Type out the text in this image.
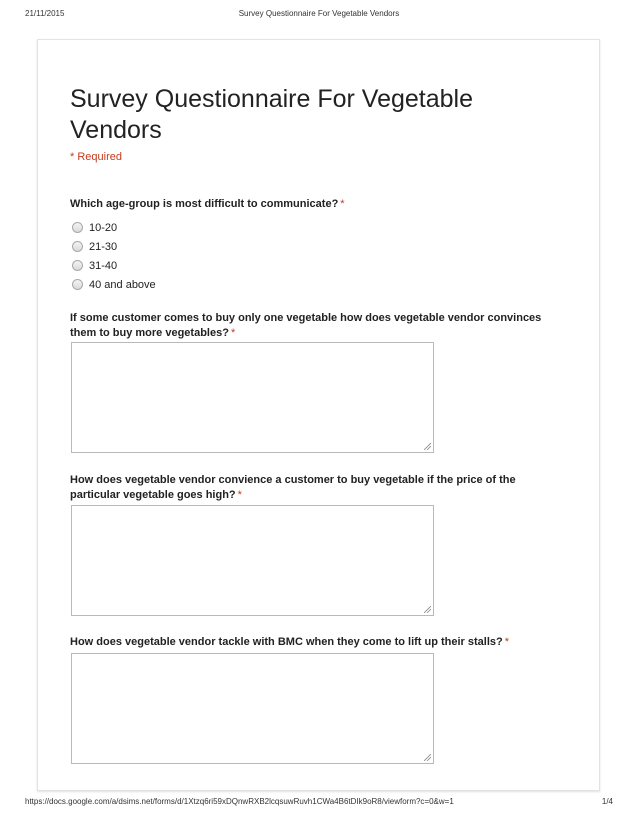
21/11/2015	Survey Questionnaire For Vegetable Vendors
Survey Questionnaire For Vegetable Vendors
* Required
Which age-group is most difficult to communicate? *
10-20
21-30
31-40
40 and above
If some customer comes to buy only one vegetable how does vegetable vendor convinces them to buy more vegetables? *
How does vegetable vendor convience a customer to buy vegetable if the price of the particular vegetable goes high? *
How does vegetable vendor tackle with BMC when they come to lift up their stalls? *
https://docs.google.com/a/dsims.net/forms/d/1Xtzq6ri59xDQnwRXB2lcqsuwRuvh1CWa4B6tDIk9oR8/viewform?c=0&w=1	1/4
